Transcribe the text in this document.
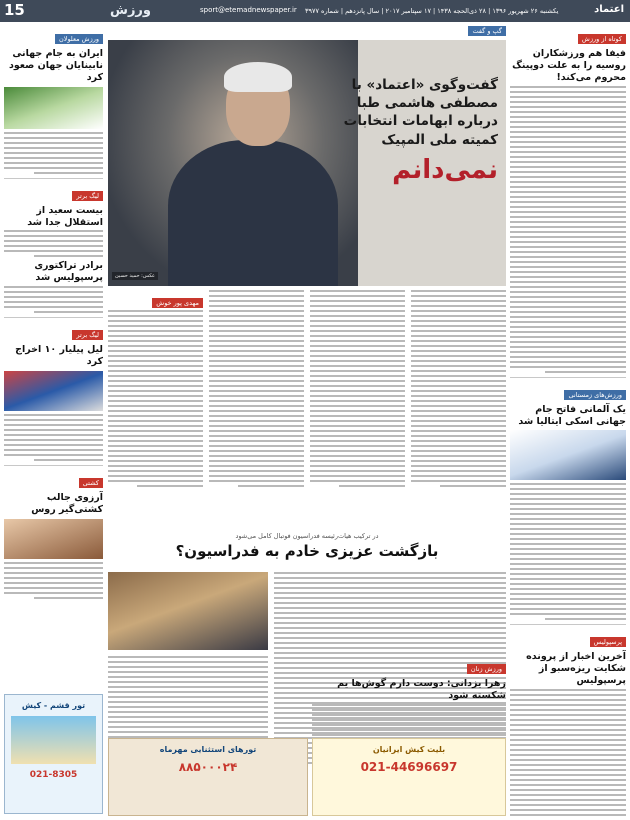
15	ورزش	sport@etemadnewspaper.ir یکشنبه ۲۶ شهریور ۱۳۹۶ | ۲۸ ذی‌الحجه ۱۴۳۸ | ۱۷ سپتامبر ۲۰۱۷ | سال پانزدهم | شماره ۳۹۷۷	اعتماد
ورزش معلولان
ایران به جام جهانی نابینایان جهان صعود کرد
لیگ برتر
بیست سعید از استقلال جدا شد
برادر تراکتوری پرسپولیس شد
لیگ برتر
لیل پیلیار ۱۰ اخراج کرد
کشتی
آرزوی جالب کشتی‌گیر روس
گپ و گفت
عکس: حمید حسین
گفت‌وگوی «اعتماد» با مصطفی هاشمی طبا درباره ابهامات انتخابات کمیته ملی المپیک
نمی‌دانم
مهدی پور خوش
در ترکیب هیات‌رئیسه فدراسیون فوتبال کامل می‌شود
بازگشت عزیزی خادم به فدراسیون؟
ورزش زنان
زهرا یزدانی: دوست دارم گوش‌ها یم شکسته شود
کوتاه از ورزش
فیفا هم ورزشکاران روسیه را به علت دوپینگ محروم می‌کند!
ورزش‌های زمستانی
یک آلمانی فاتح جام جهانی اسکی ایتالیا شد
پرسپولیس
آخرین اخبار از پرونده شکایت ریزه‌سبو از پرسپولیس
تور قشم - کیش
021-8305
تورهای استثنایی مهرماه
۸۸۵۰۰۰۲۴
بلیت کیش ایرانیان
021-44696697
